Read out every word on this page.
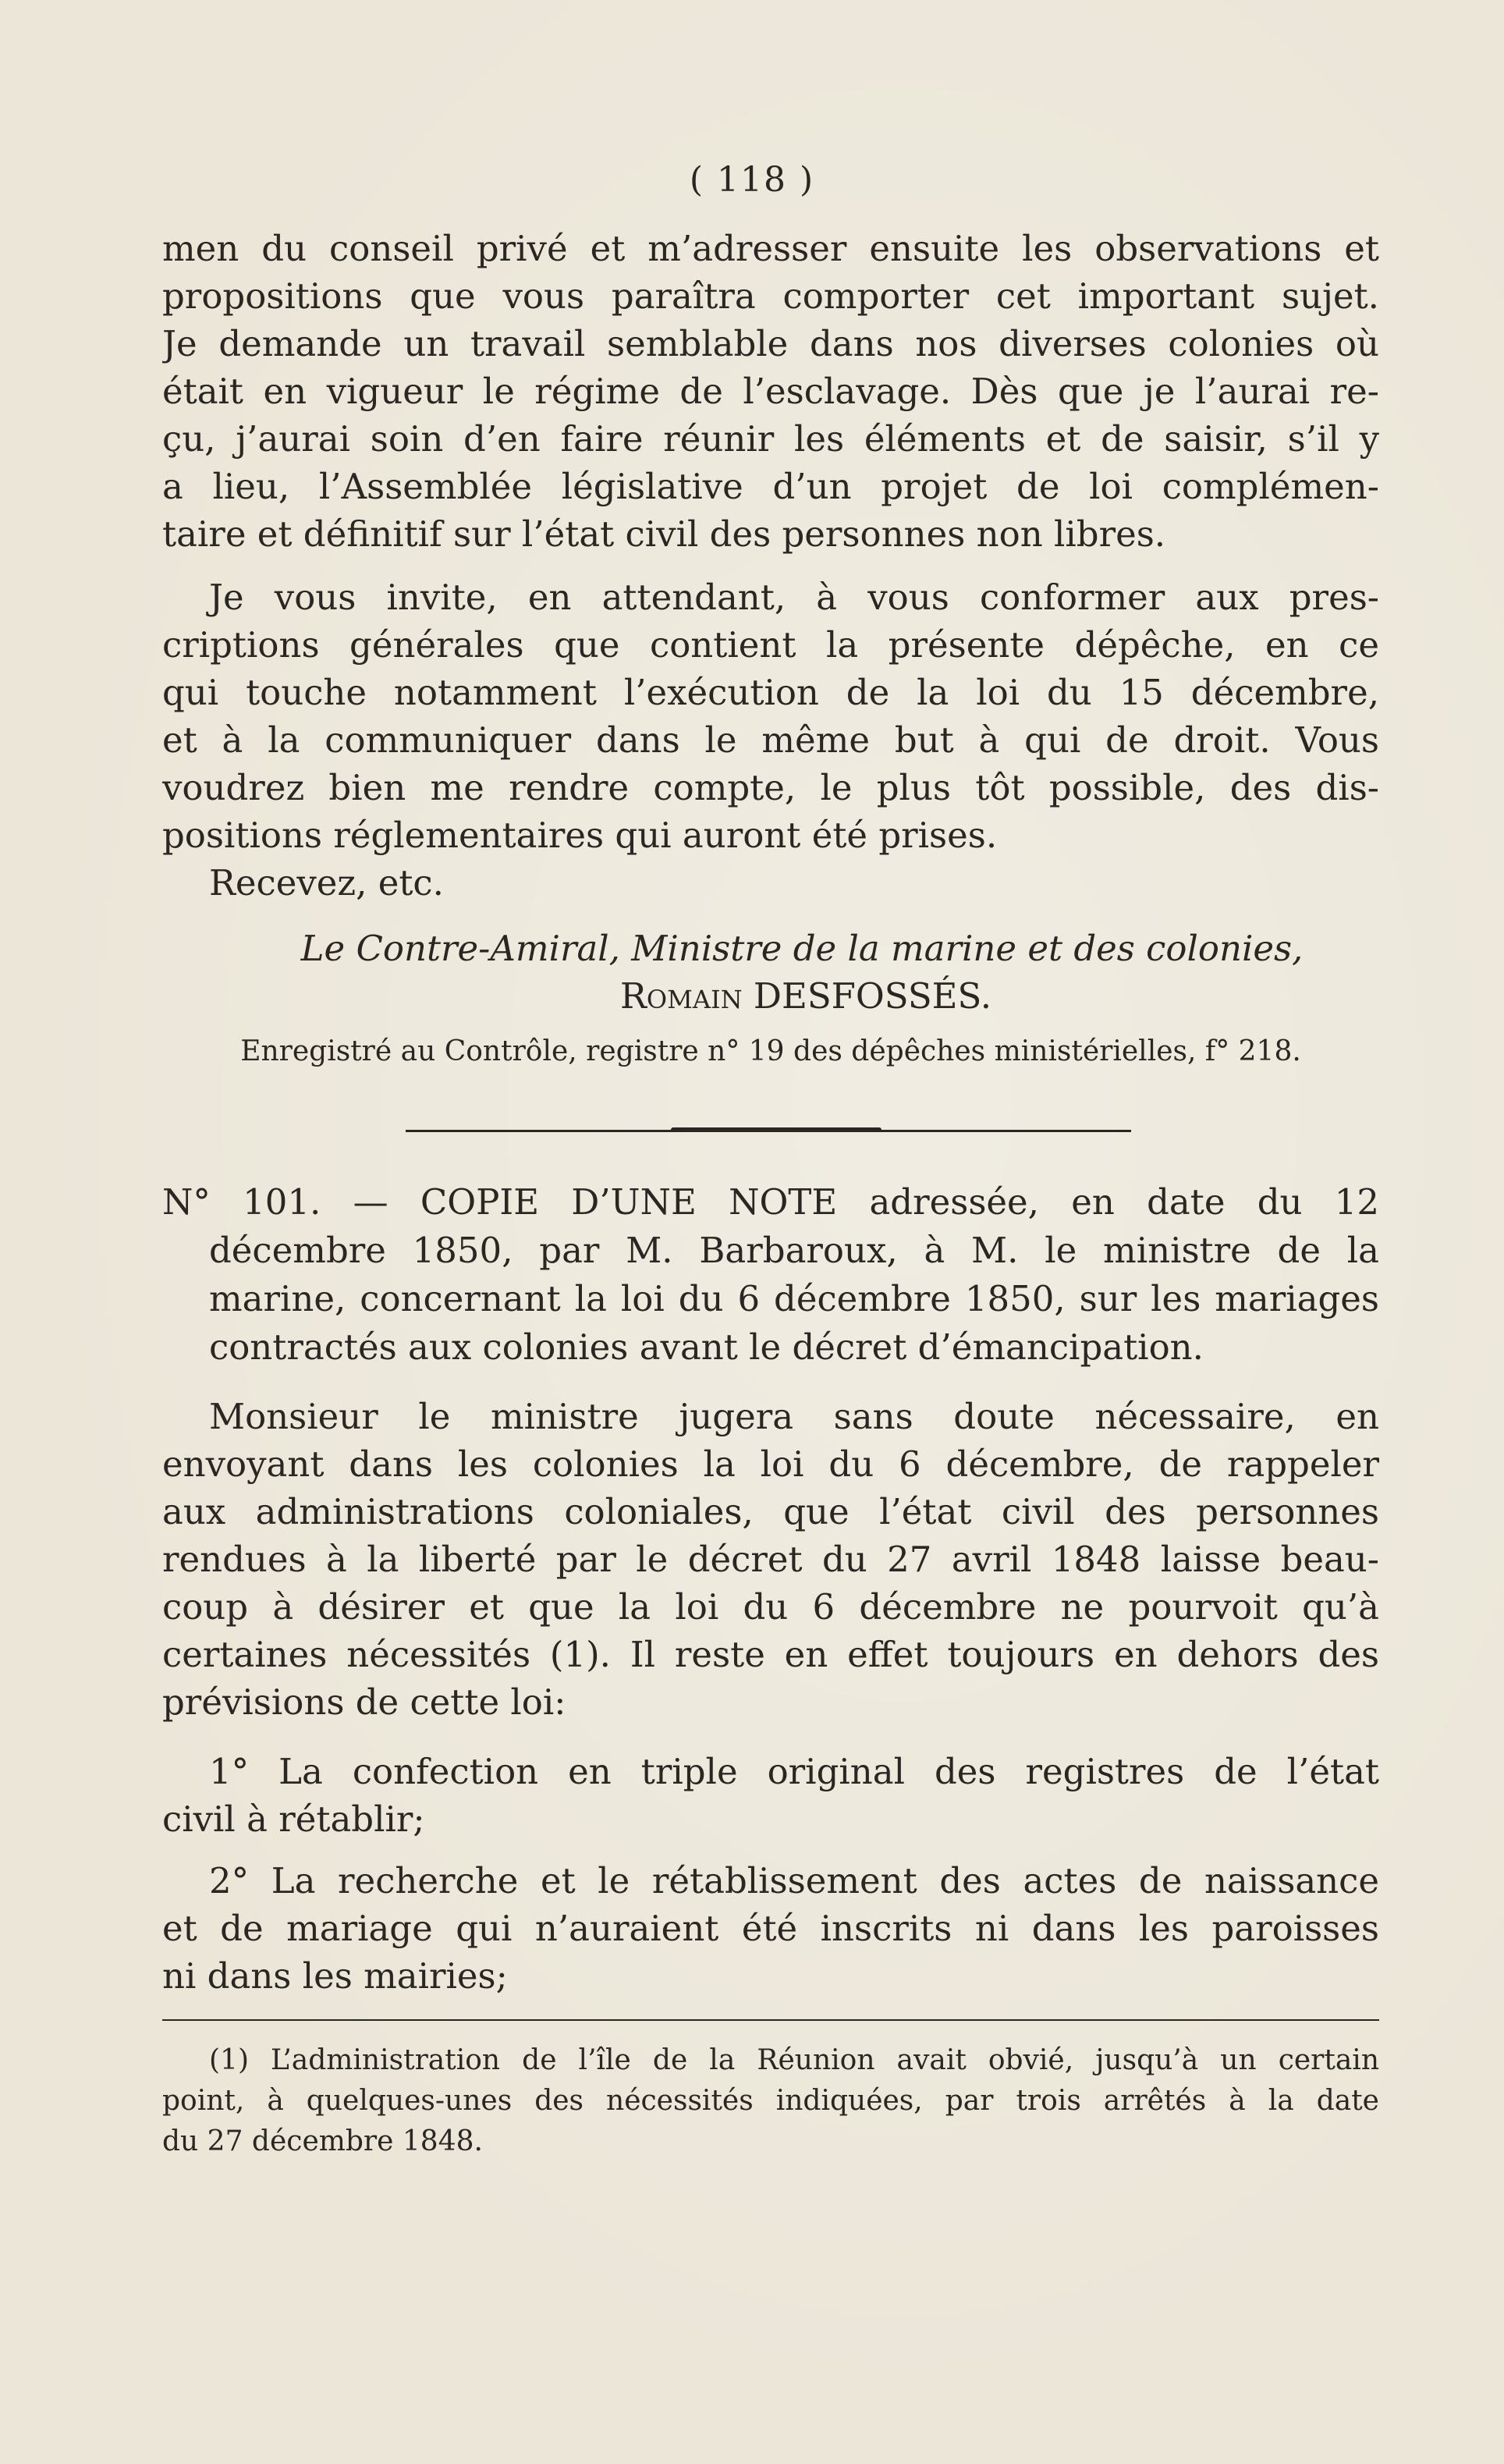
( 118 )
men du conseil privé et m’adresser ensuite les observations et
propositions que vous paraîtra comporter cet important sujet.
Je demande un travail semblable dans nos diverses colonies où
était en vigueur le régime de l’esclavage. Dès que je l’aurai re-
çu, j’aurai soin d’en faire réunir les éléments et de saisir, s’il y
a lieu, l’Assemblée législative d’un projet de loi complémen-
taire et définitif sur l’état civil des personnes non libres.
Je vous invite, en attendant, à vous conformer aux pres-
criptions générales que contient la présente dépêche, en ce
qui touche notamment l’exécution de la loi du 15 décembre,
et à la communiquer dans le même but à qui de droit. Vous
voudrez bien me rendre compte, le plus tôt possible, des dis-
positions réglementaires qui auront été prises.
Recevez, etc.
Le Contre-Amiral, Ministre de la marine et des colonies,
Romain DESFOSSÉS.
Enregistré au Contrôle, registre n° 19 des dépêches ministérielles, f° 218.
N° 101. — COPIE D’UNE NOTE adressée, en date du 12
décembre 1850, par M. Barbaroux, à M. le ministre de la
marine, concernant la loi du 6 décembre 1850, sur les mariages
contractés aux colonies avant le décret d’émancipation.
Monsieur le ministre jugera sans doute nécessaire, en
envoyant dans les colonies la loi du 6 décembre, de rappeler
aux administrations coloniales, que l’état civil des personnes
rendues à la liberté par le décret du 27 avril 1848 laisse beau-
coup à désirer et que la loi du 6 décembre ne pourvoit qu’à
certaines nécessités (1). Il reste en effet toujours en dehors des
prévisions de cette loi:
1° La confection en triple original des registres de l’état
civil à rétablir;
2° La recherche et le rétablissement des actes de naissance
et de mariage qui n’auraient été inscrits ni dans les paroisses
ni dans les mairies;
(1) L’administration de l’île de la Réunion avait obvié, jusqu’à un certain
point, à quelques-unes des nécessités indiquées, par trois arrêtés à la date
du 27 décembre 1848.
